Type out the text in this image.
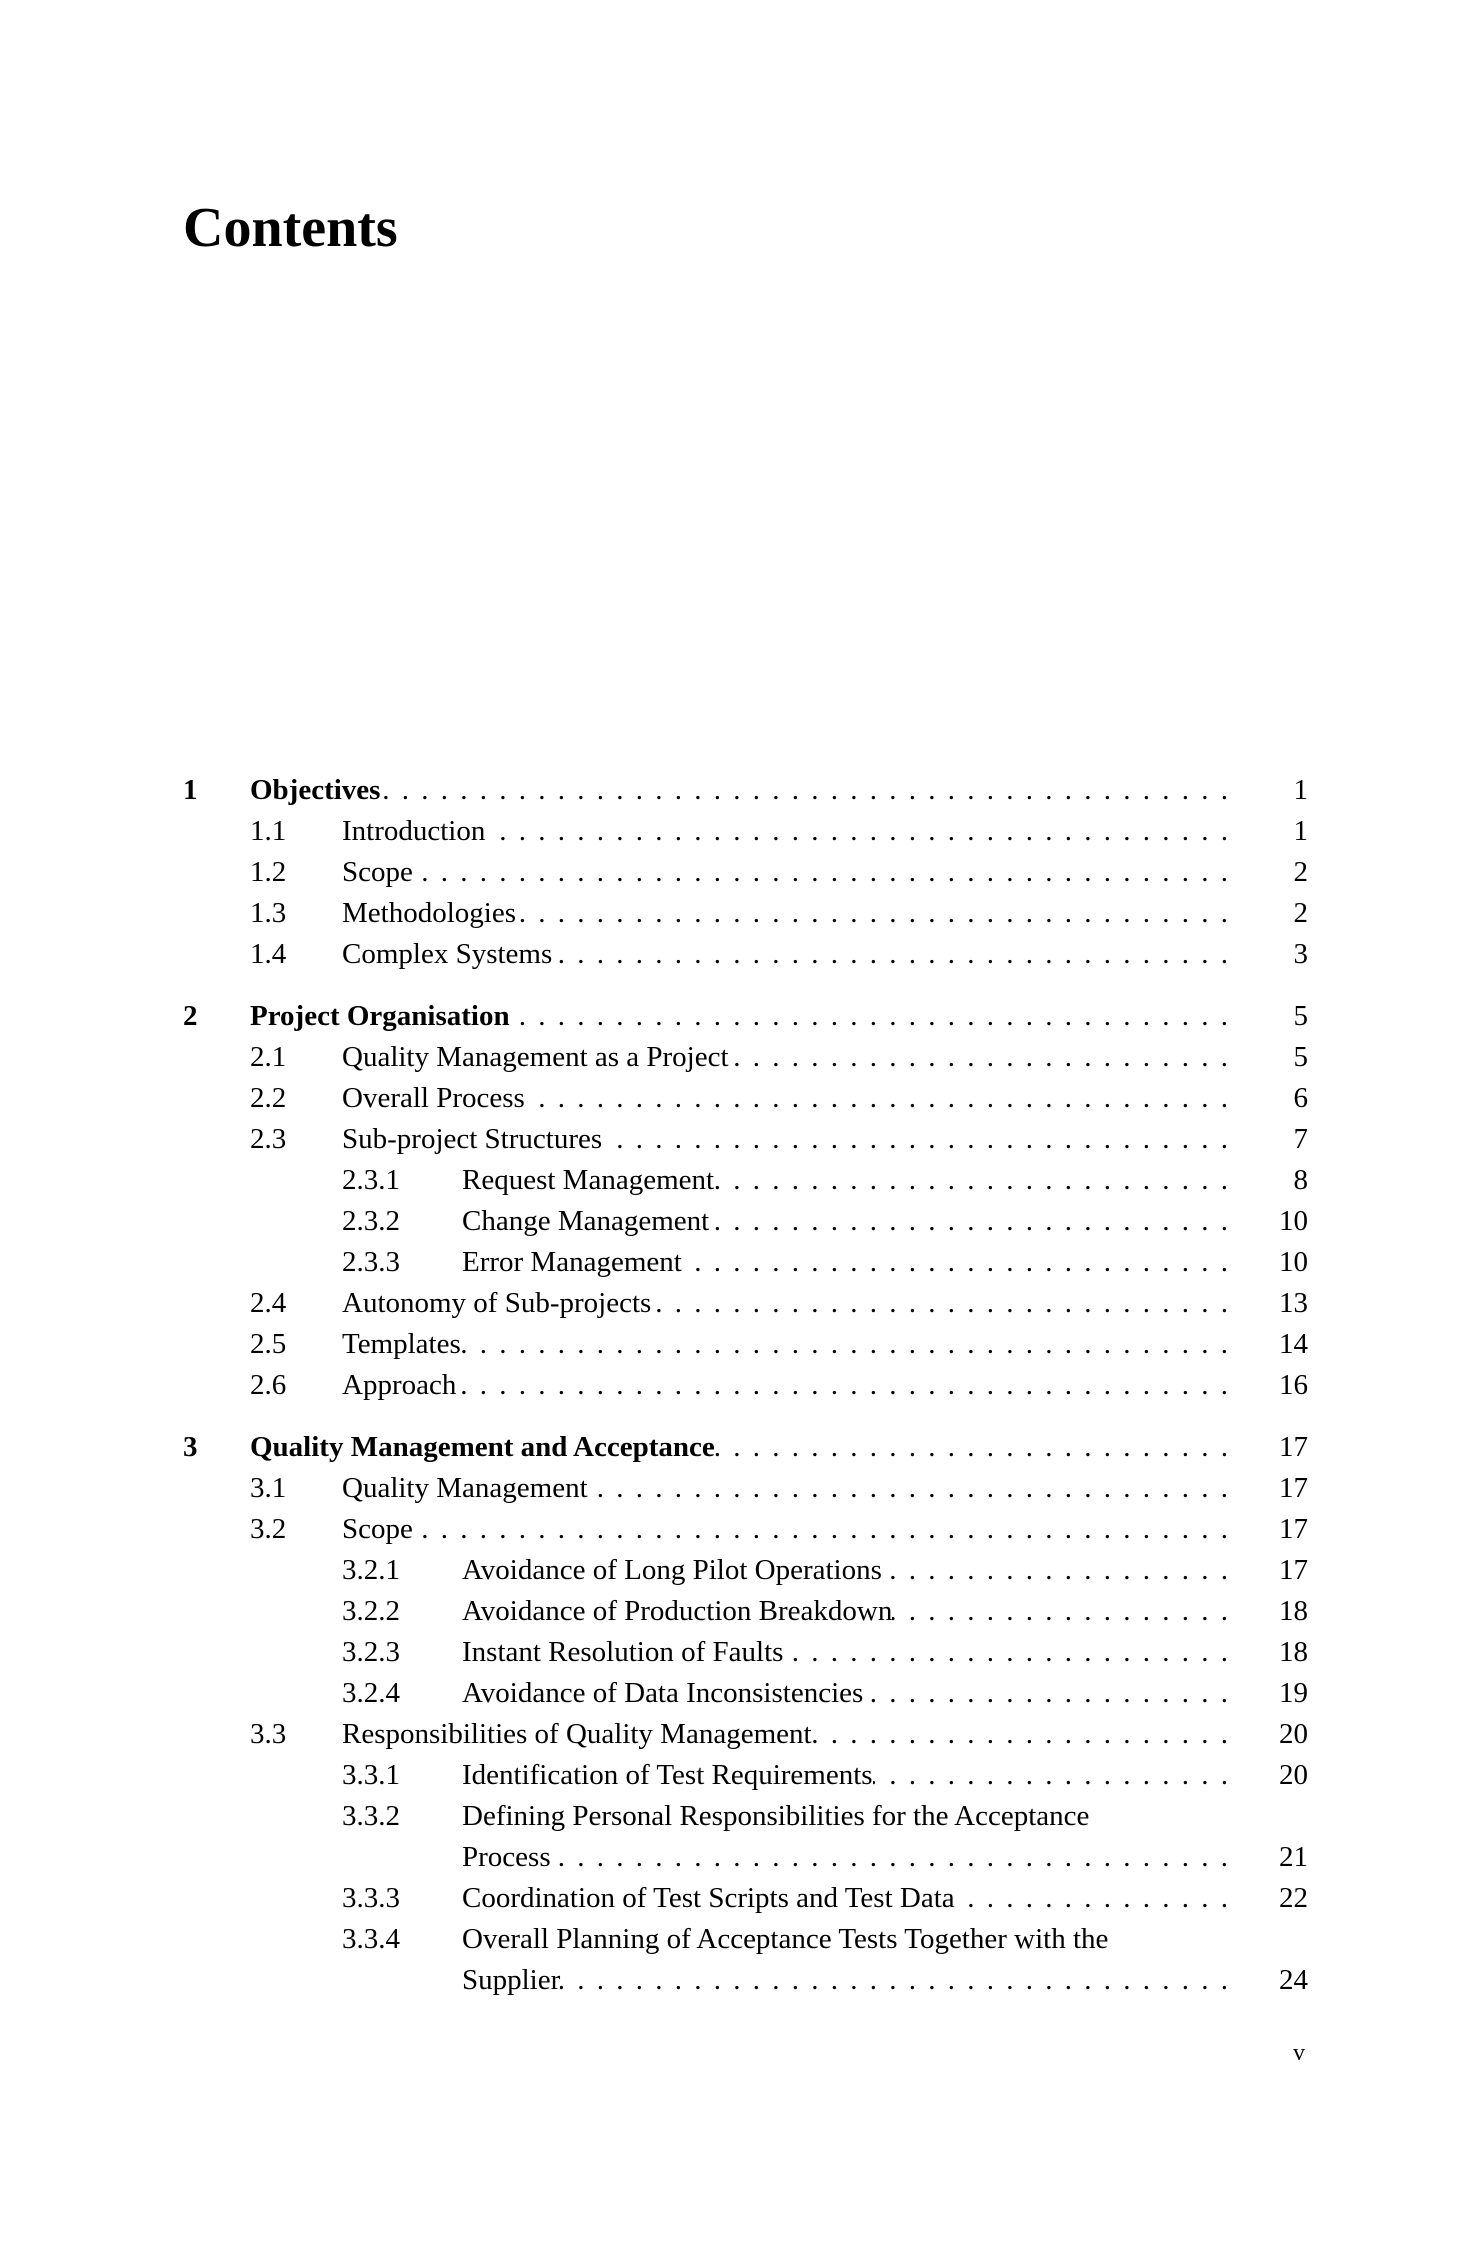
Contents
1 Objectives . . .	1
1.1 Introduction . . .	1
1.2 Scope . . .	2
1.3 Methodologies . . .	2
1.4 Complex Systems . . .	3
2 Project Organisation . . .	5
2.1 Quality Management as a Project . . .	5
2.2 Overall Process . . .	6
2.3 Sub-project Structures . . .	7
2.3.1 Request Management . . .	8
2.3.2 Change Management . . .	10
2.3.3 Error Management . . .	10
2.4 Autonomy of Sub-projects . . .	13
2.5 Templates . . .	14
2.6 Approach . . .	16
3 Quality Management and Acceptance . . .	17
3.1 Quality Management . . .	17
3.2 Scope . . .	17
3.2.1 Avoidance of Long Pilot Operations . . .	17
3.2.2 Avoidance of Production Breakdown . . .	18
3.2.3 Instant Resolution of Faults . . .	18
3.2.4 Avoidance of Data Inconsistencies . . .	19
3.3 Responsibilities of Quality Management . . .	20
3.3.1 Identification of Test Requirements . . .	20
3.3.2 Defining Personal Responsibilities for the Acceptance
Process . . .	21
3.3.3 Coordination of Test Scripts and Test Data . . .	22
3.3.4 Overall Planning of Acceptance Tests Together with the
Supplier . . .	24
v
